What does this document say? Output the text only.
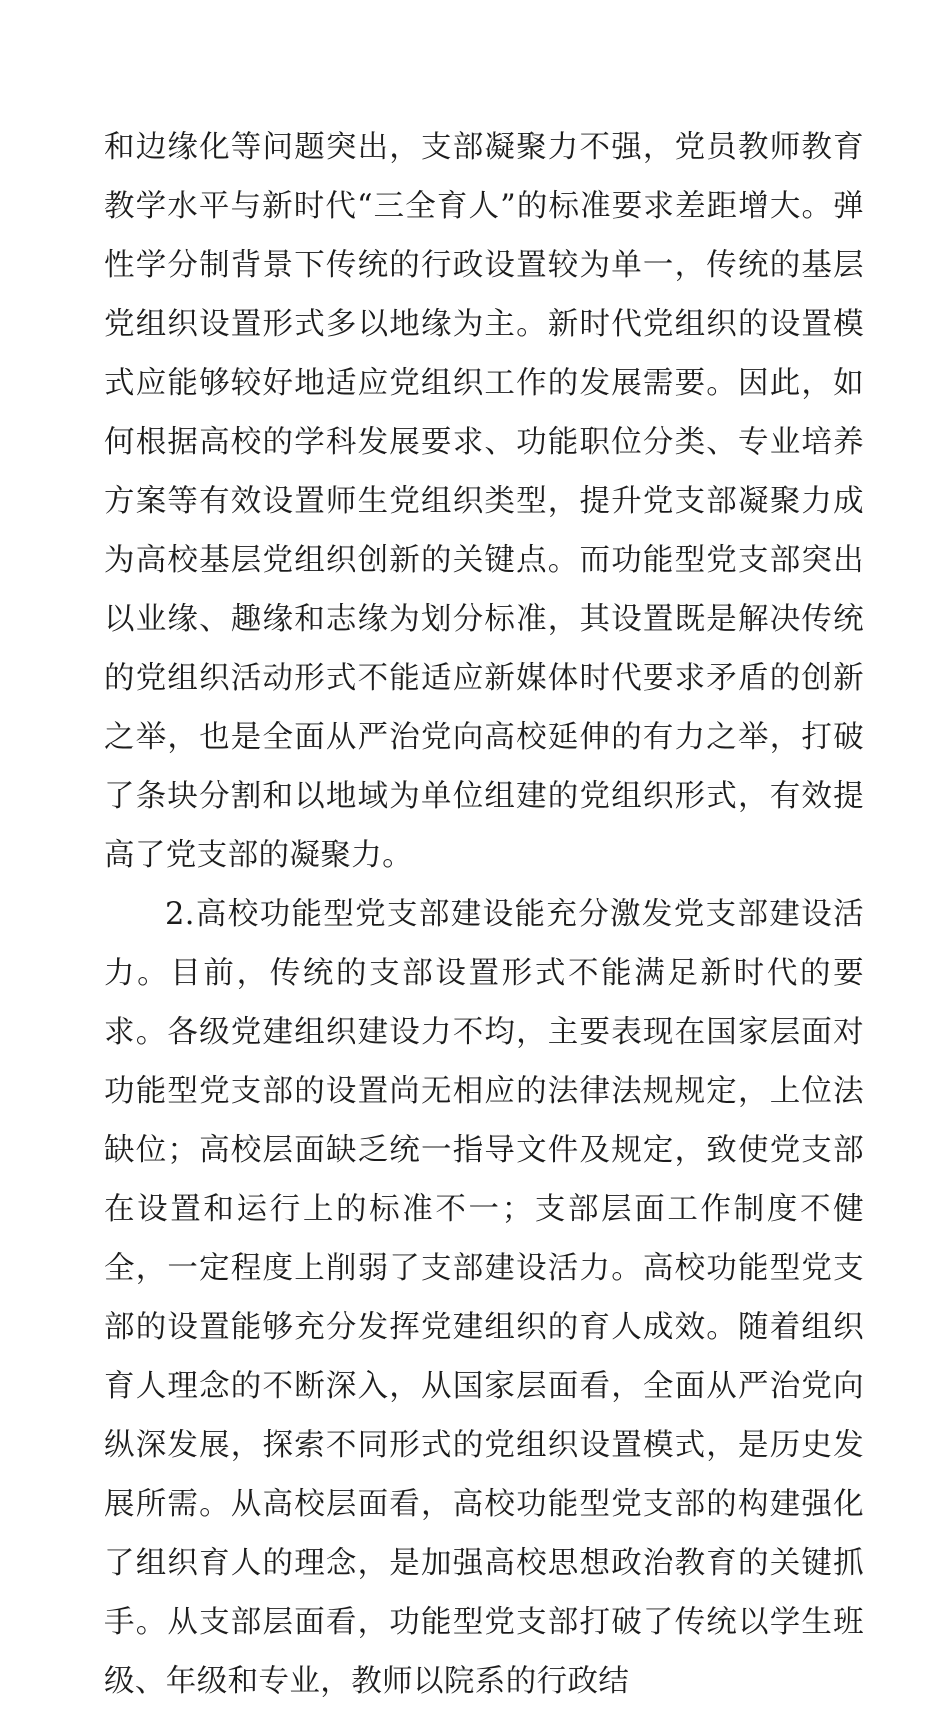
和边缘化等问题突出，支部凝聚力不强，党员教师教育教学水平与新时代“三全育人”的标准要求差距增大。弹性学分制背景下传统的行政设置较为单一，传统的基层党组织设置形式多以地缘为主。新时代党组织的设置模式应能够较好地适应党组织工作的发展需要。因此，如何根据高校的学科发展要求、功能职位分类、专业培养方案等有效设置师生党组织类型，提升党支部凝聚力成为高校基层党组织创新的关键点。而功能型党支部突出以业缘、趣缘和志缘为划分标准，其设置既是解决传统的党组织活动形式不能适应新媒体时代要求矛盾的创新之举，也是全面从严治党向高校延伸的有力之举，打破了条块分割和以地域为单位组建的党组织形式，有效提高了党支部的凝聚力。

2.高校功能型党支部建设能充分激发党支部建设活力。目前，传统的支部设置形式不能满足新时代的要求。各级党建组织建设力不均，主要表现在国家层面对功能型党支部的设置尚无相应的法律法规规定，上位法缺位；高校层面缺乏统一指导文件及规定，致使党支部在设置和运行上的标准不一；支部层面工作制度不健全，一定程度上削弱了支部建设活力。高校功能型党支部的设置能够充分发挥党建组织的育人成效。随着组织育人理念的不断深入，从国家层面看，全面从严治党向纵深发展，探索不同形式的党组织设置模式，是历史发展所需。从高校层面看，高校功能型党支部的构建强化了组织育人的理念，是加强高校思想政治教育的关键抓手。从支部层面看，功能型党支部打破了传统以学生班级、年级和专业，教师以院系的行政结
